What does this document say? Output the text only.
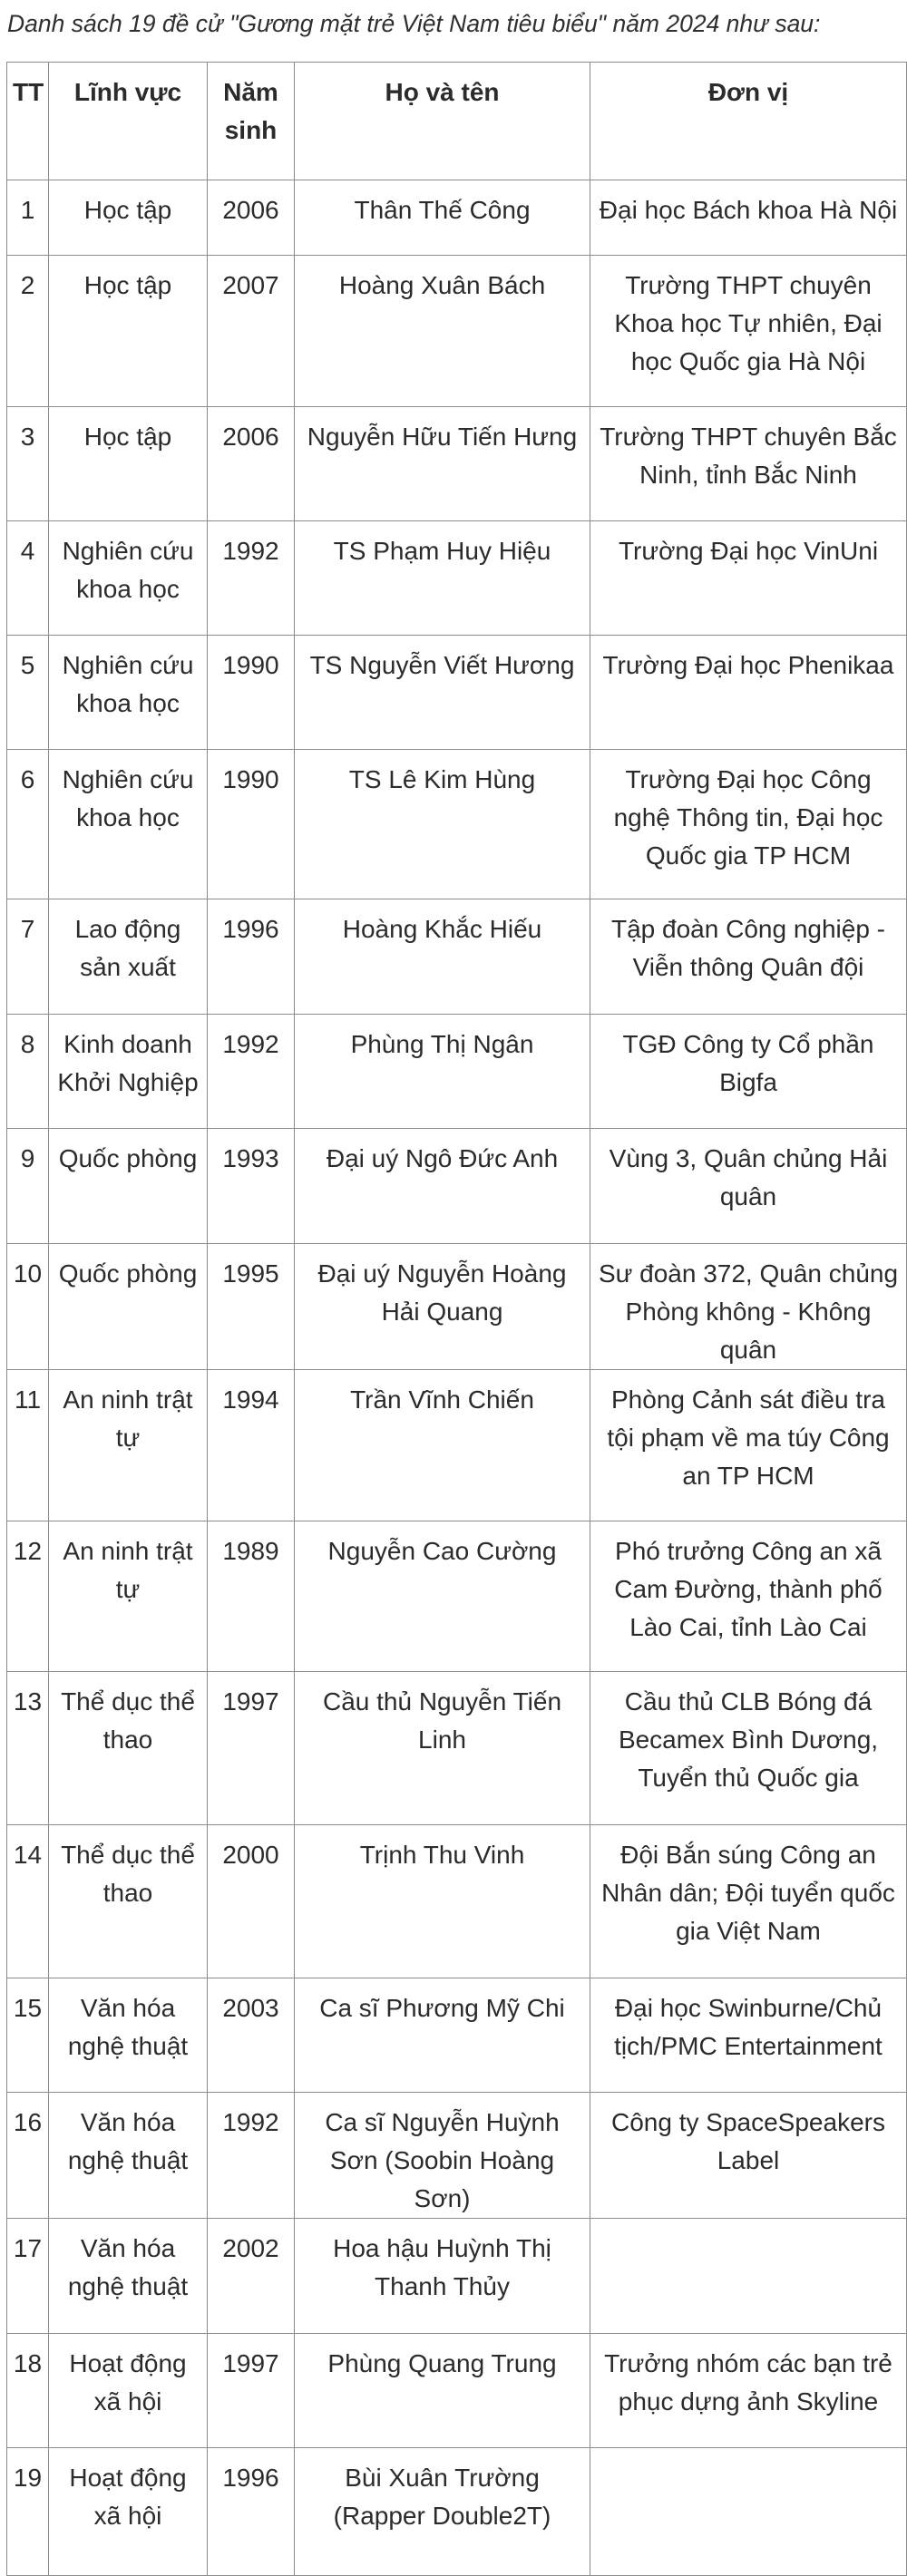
Danh sách 19 đề cử "Gương mặt trẻ Việt Nam tiêu biểu" năm 2024 như sau:
TT	Lĩnh vực	Năm sinh	Họ và tên	Đơn vị
1	Học tập	2006	Thân Thế Công	Đại học Bách khoa Hà Nội
2	Học tập	2007	Hoàng Xuân Bách	Trường THPT chuyên Khoa học Tự nhiên, Đại học Quốc gia Hà Nội
3	Học tập	2006	Nguyễn Hữu Tiến Hưng	Trường THPT chuyên Bắc Ninh, tỉnh Bắc Ninh
4	Nghiên cứu khoa học	1992	TS Phạm Huy Hiệu	Trường Đại học VinUni
5	Nghiên cứu khoa học	1990	TS Nguyễn Viết Hương	Trường Đại học Phenikaa
6	Nghiên cứu khoa học	1990	TS Lê Kim Hùng	Trường Đại học Công nghệ Thông tin, Đại học Quốc gia TP HCM
7	Lao động sản xuất	1996	Hoàng Khắc Hiếu	Tập đoàn Công nghiệp - Viễn thông Quân đội
8	Kinh doanh Khởi Nghiệp	1992	Phùng Thị Ngân	TGĐ Công ty Cổ phần Bigfa
9	Quốc phòng	1993	Đại uý Ngô Đức Anh	Vùng 3, Quân chủng Hải quân
10	Quốc phòng	1995	Đại uý Nguyễn Hoàng Hải Quang	Sư đoàn 372, Quân chủng Phòng không - Không quân
11	An ninh trật tự	1994	Trần Vĩnh Chiến	Phòng Cảnh sát điều tra tội phạm về ma túy Công an TP HCM
12	An ninh trật tự	1989	Nguyễn Cao Cường	Phó trưởng Công an xã Cam Đường, thành phố Lào Cai, tỉnh Lào Cai
13	Thể dục thể thao	1997	Cầu thủ Nguyễn Tiến Linh	Cầu thủ CLB Bóng đá Becamex Bình Dương, Tuyển thủ Quốc gia
14	Thể dục thể thao	2000	Trịnh Thu Vinh	Đội Bắn súng Công an Nhân dân; Đội tuyển quốc gia Việt Nam
15	Văn hóa nghệ thuật	2003	Ca sĩ Phương Mỹ Chi	Đại học Swinburne/Chủ tịch/PMC Entertainment
16	Văn hóa nghệ thuật	1992	Ca sĩ Nguyễn Huỳnh Sơn (Soobin Hoàng Sơn)	Công ty SpaceSpeakers Label
17	Văn hóa nghệ thuật	2002	Hoa hậu Huỳnh Thị Thanh Thủy	
18	Hoạt động xã hội	1997	Phùng Quang Trung	Trưởng nhóm các bạn trẻ phục dựng ảnh Skyline
19	Hoạt động xã hội	1996	Bùi Xuân Trường (Rapper Double2T)	
